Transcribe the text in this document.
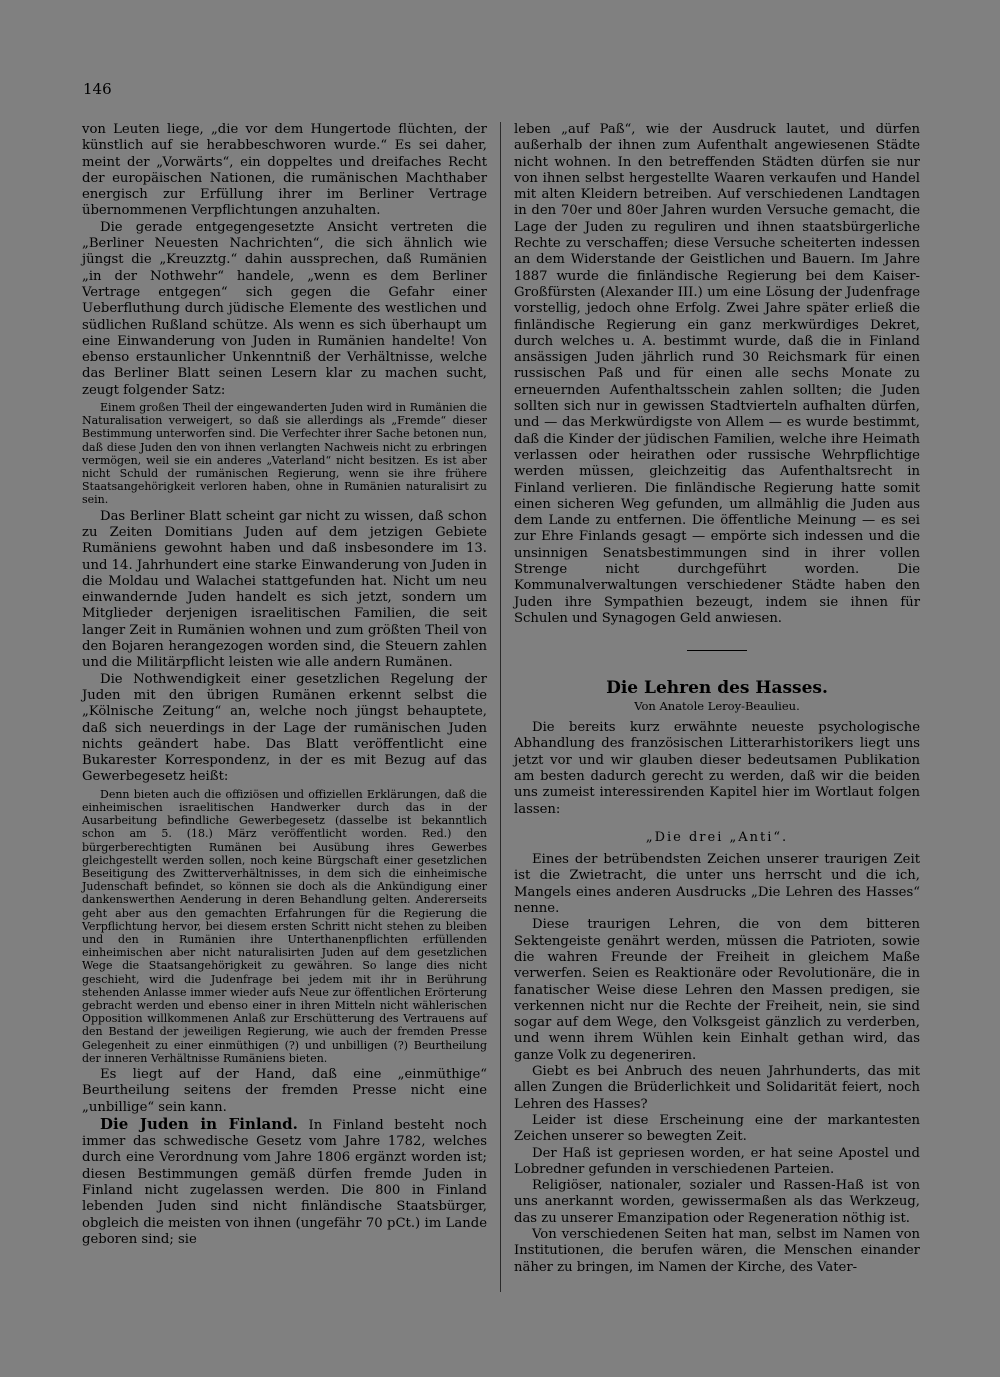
146

von Leuten liege, „die vor dem Hungertode flüchten, der künstlich auf sie herabbeschworen wurde.“ Es sei daher, meint der „Vorwärts“, ein doppeltes und dreifaches Recht der europäischen Nationen, die rumänischen Machthaber energisch zur Erfüllung ihrer im Berliner Vertrage übernommenen Verpflichtungen anzuhalten.

Die gerade entgegengesetzte Ansicht vertreten die „Berliner Neuesten Nachrichten“, die sich ähnlich wie jüngst die „Kreuzztg.“ dahin aussprechen, daß Rumänien „in der Nothwehr“ handele, „wenn es dem Berliner Vertrage entgegen“ sich gegen die Gefahr einer Ueberfluthung durch jüdische Elemente des westlichen und südlichen Rußland schütze. Als wenn es sich überhaupt um eine Einwanderung von Juden in Rumänien handelte! Von ebenso erstaunlicher Unkenntniß der Verhältnisse, welche das Berliner Blatt seinen Lesern klar zu machen sucht, zeugt folgender Satz:

Einem großen Theil der eingewanderten Juden wird in Rumänien die Naturalisation verweigert, so daß sie allerdings als „Fremde“ dieser Bestimmung unterworfen sind. Die Verfechter ihrer Sache betonen nun, daß diese Juden den von ihnen verlangten Nachweis nicht zu erbringen vermögen, weil sie ein anderes „Vaterland“ nicht besitzen. Es ist aber nicht Schuld der rumänischen Regierung, wenn sie ihre frühere Staatsangehörigkeit verloren haben, ohne in Rumänien naturalisirt zu sein.

Das Berliner Blatt scheint gar nicht zu wissen, daß schon zu Zeiten Domitians Juden auf dem jetzigen Gebiete Rumäniens gewohnt haben und daß insbesondere im 13. und 14. Jahrhundert eine starke Einwanderung von Juden in die Moldau und Walachei stattgefunden hat. Nicht um neu einwandernde Juden handelt es sich jetzt, sondern um Mitglieder derjenigen israelitischen Familien, die seit langer Zeit in Rumänien wohnen und zum größten Theil von den Bojaren herangezogen worden sind, die Steuern zahlen und die Militärpflicht leisten wie alle andern Rumänen.

Die Nothwendigkeit einer gesetzlichen Regelung der Juden mit den übrigen Rumänen erkennt selbst die „Kölnische Zeitung“ an, welche noch jüngst behauptete, daß sich neuerdings in der Lage der rumänischen Juden nichts geändert habe. Das Blatt veröffentlicht eine Bukarester Korrespondenz, in der es mit Bezug auf das Gewerbegesetz heißt:

Denn bieten auch die offiziösen und offiziellen Erklärungen, daß die einheimischen israelitischen Handwerker durch das in der Ausarbeitung befindliche Gewerbegesetz (dasselbe ist bekanntlich schon am 5. (18.) März veröffentlicht worden. Red.) den bürgerberechtigten Rumänen bei Ausübung ihres Gewerbes gleichgestellt werden sollen, noch keine Bürgschaft einer gesetzlichen Beseitigung des Zwitterverhältnisses, in dem sich die einheimische Judenschaft befindet, so können sie doch als die Ankündigung einer dankenswerthen Aenderung in deren Behandlung gelten. Andererseits geht aber aus den gemachten Erfahrungen für die Regierung die Verpflichtung hervor, bei diesem ersten Schritt nicht stehen zu bleiben und den in Rumänien ihre Unterthanenpflichten erfüllenden einheimischen aber nicht naturalisirten Juden auf dem gesetzlichen Wege die Staatsangehörigkeit zu gewähren. So lange dies nicht geschieht, wird die Judenfrage bei jedem mit ihr in Berührung stehenden Anlasse immer wieder aufs Neue zur öffentlichen Erörterung gebracht werden und ebenso einer in ihren Mitteln nicht wählerischen Opposition willkommenen Anlaß zur Erschütterung des Vertrauens auf den Bestand der jeweiligen Regierung, wie auch der fremden Presse Gelegenheit zu einer einmüthigen (?) und unbilligen (?) Beurtheilung der inneren Verhältnisse Rumäniens bieten.

Es liegt auf der Hand, daß eine „einmüthige“ Beurtheilung seitens der fremden Presse nicht eine „unbillige“ sein kann.

Die Juden in Finland. In Finland besteht noch immer das schwedische Gesetz vom Jahre 1782, welches durch eine Verordnung vom Jahre 1806 ergänzt worden ist; diesen Bestimmungen gemäß dürfen fremde Juden in Finland nicht zugelassen werden. Die 800 in Finland lebenden Juden sind nicht finländische Staatsbürger, obgleich die meisten von ihnen (ungefähr 70 pCt.) im Lande geboren sind; sie

leben „auf Paß“, wie der Ausdruck lautet, und dürfen außerhalb der ihnen zum Aufenthalt angewiesenen Städte nicht wohnen. In den betreffenden Städten dürfen sie nur von ihnen selbst hergestellte Waaren verkaufen und Handel mit alten Kleidern betreiben. Auf verschiedenen Landtagen in den 70er und 80er Jahren wurden Versuche gemacht, die Lage der Juden zu reguliren und ihnen staatsbürgerliche Rechte zu verschaffen; diese Versuche scheiterten indessen an dem Widerstande der Geistlichen und Bauern. Im Jahre 1887 wurde die finländische Regierung bei dem Kaiser-Großfürsten (Alexander III.) um eine Lösung der Judenfrage vorstellig, jedoch ohne Erfolg. Zwei Jahre später erließ die finländische Regierung ein ganz merkwürdiges Dekret, durch welches u. A. bestimmt wurde, daß die in Finland ansässigen Juden jährlich rund 30 Reichsmark für einen russischen Paß und für einen alle sechs Monate zu erneuernden Aufenthaltsschein zahlen sollten; die Juden sollten sich nur in gewissen Stadtvierteln aufhalten dürfen, und — das Merkwürdigste von Allem — es wurde bestimmt, daß die Kinder der jüdischen Familien, welche ihre Heimath verlassen oder heirathen oder russische Wehrpflichtige werden müssen, gleichzeitig das Aufenthaltsrecht in Finland verlieren. Die finländische Regierung hatte somit einen sicheren Weg gefunden, um allmählig die Juden aus dem Lande zu entfernen. Die öffentliche Meinung — es sei zur Ehre Finlands gesagt — empörte sich indessen und die unsinnigen Senatsbestimmungen sind in ihrer vollen Strenge nicht durchgeführt worden. Die Kommunalverwaltungen verschiedener Städte haben den Juden ihre Sympathien bezeugt, indem sie ihnen für Schulen und Synagogen Geld anwiesen.

Die Lehren des Hasses.
Von Anatole Leroy-Beaulieu.

Die bereits kurz erwähnte neueste psychologische Abhandlung des französischen Litterarhistorikers liegt uns jetzt vor und wir glauben dieser bedeutsamen Publikation am besten dadurch gerecht zu werden, daß wir die beiden uns zumeist interessirenden Kapitel hier im Wortlaut folgen lassen:

„Die drei „Anti“.

Eines der betrübendsten Zeichen unserer traurigen Zeit ist die Zwietracht, die unter uns herrscht und die ich, Mangels eines anderen Ausdrucks „Die Lehren des Hasses“ nenne.

Diese traurigen Lehren, die von dem bitteren Sektengeiste genährt werden, müssen die Patrioten, sowie die wahren Freunde der Freiheit in gleichem Maße verwerfen. Seien es Reaktionäre oder Revolutionäre, die in fanatischer Weise diese Lehren den Massen predigen, sie verkennen nicht nur die Rechte der Freiheit, nein, sie sind sogar auf dem Wege, den Volksgeist gänzlich zu verderben, und wenn ihrem Wühlen kein Einhalt gethan wird, das ganze Volk zu degeneriren.

Giebt es bei Anbruch des neuen Jahrhunderts, das mit allen Zungen die Brüderlichkeit und Solidarität feiert, noch Lehren des Hasses?

Leider ist diese Erscheinung eine der markantesten Zeichen unserer so bewegten Zeit.

Der Haß ist gepriesen worden, er hat seine Apostel und Lobredner gefunden in verschiedenen Parteien.

Religiöser, nationaler, sozialer und Rassen-Haß ist von uns anerkannt worden, gewissermaßen als das Werkzeug, das zu unserer Emanzipation oder Regeneration nöthig ist.

Von verschiedenen Seiten hat man, selbst im Namen von Institutionen, die berufen wären, die Menschen einander näher zu bringen, im Namen der Kirche, des Vater-
